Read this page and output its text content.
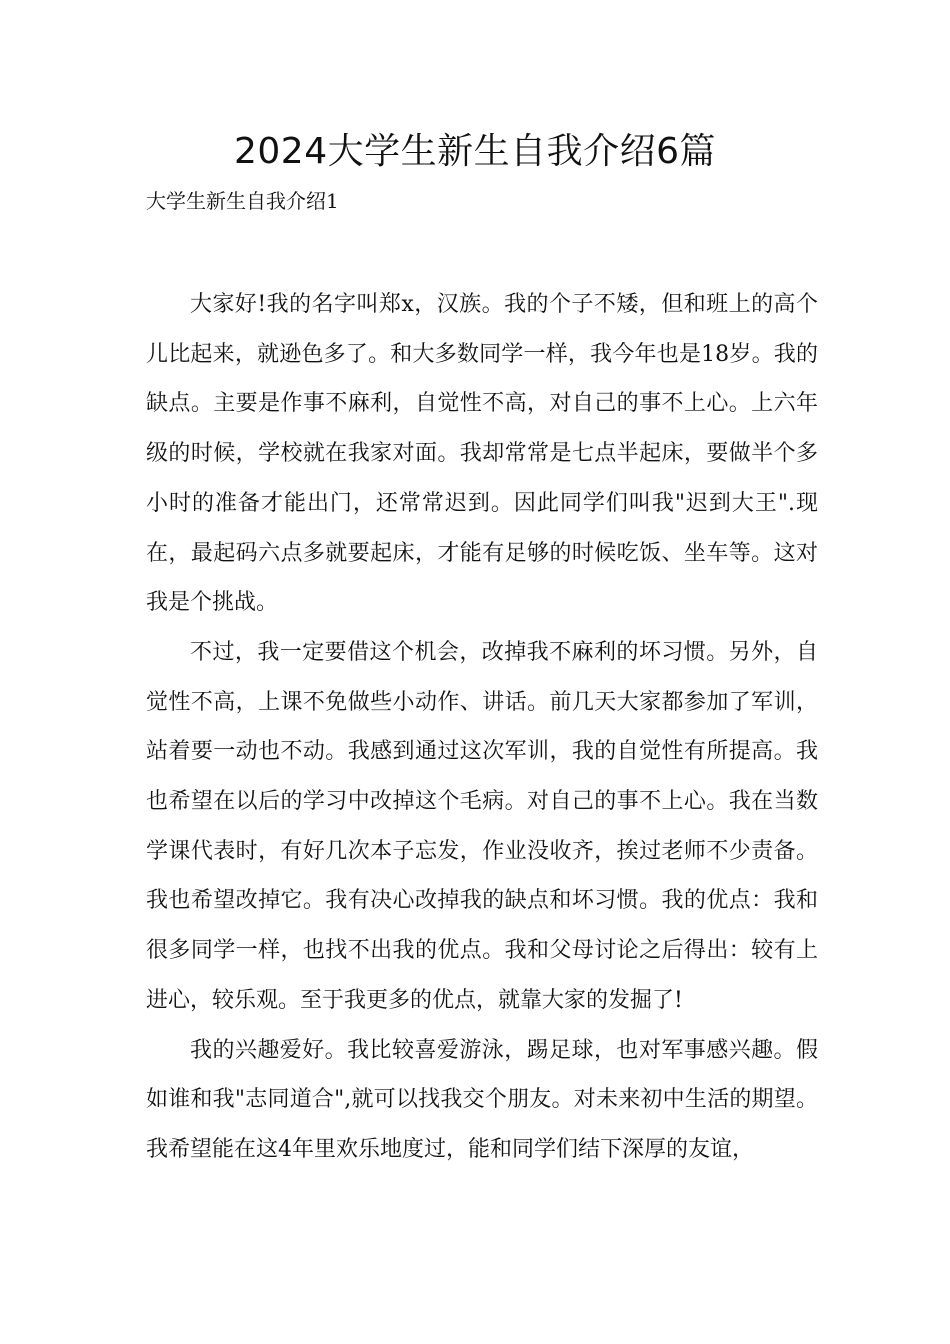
2024大学生新生自我介绍6篇
大学生新生自我介绍1

大家好!我的名字叫郑x，汉族。我的个子不矮，但和班上的高个儿比起来，就逊色多了。和大多数同学一样，我今年也是18岁。我的缺点。主要是作事不麻利，自觉性不高，对自己的事不上心。上六年级的时候，学校就在我家对面。我却常常是七点半起床，要做半个多小时的准备才能出门，还常常迟到。因此同学们叫我"迟到大王".现在，最起码六点多就要起床，才能有足够的时候吃饭、坐车等。这对我是个挑战。

不过，我一定要借这个机会，改掉我不麻利的坏习惯。另外，自觉性不高，上课不免做些小动作、讲话。前几天大家都参加了军训，站着要一动也不动。我感到通过这次军训，我的自觉性有所提高。我也希望在以后的学习中改掉这个毛病。对自己的事不上心。我在当数学课代表时，有好几次本子忘发，作业没收齐，挨过老师不少责备。我也希望改掉它。我有决心改掉我的缺点和坏习惯。我的优点：我和很多同学一样，也找不出我的优点。我和父母讨论之后得出：较有上进心，较乐观。至于我更多的优点，就靠大家的发掘了!

我的兴趣爱好。我比较喜爱游泳，踢足球，也对军事感兴趣。假如谁和我"志同道合",就可以找我交个朋友。对未来初中生活的期望。我希望能在这4年里欢乐地度过，能和同学们结下深厚的友谊，
